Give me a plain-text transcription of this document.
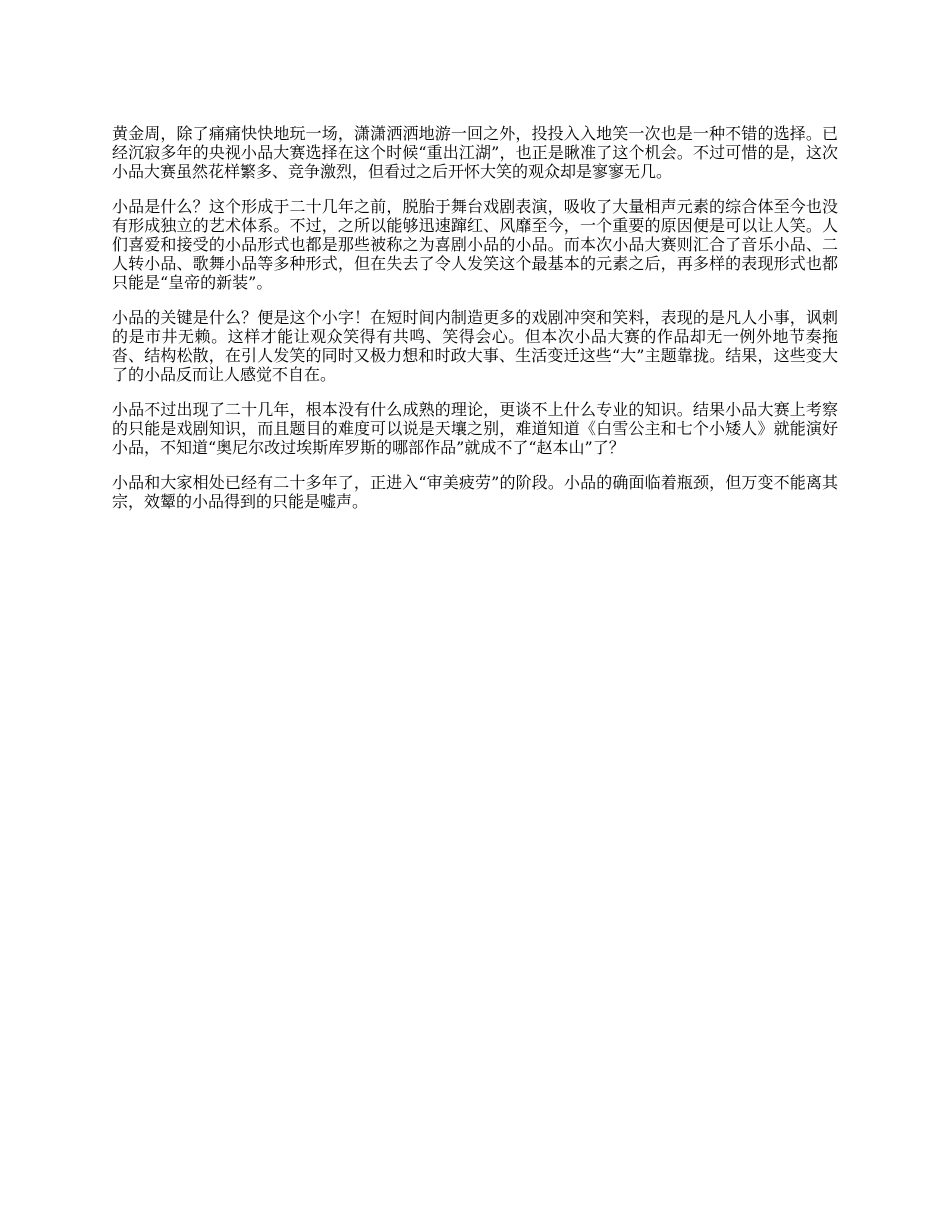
黄金周，除了痛痛快快地玩一场，潇潇洒洒地游一回之外，投投入入地笑一次也是一种不错的选择。已经沉寂多年的央视小品大赛选择在这个时候“重出江湖”，也正是瞅准了这个机会。不过可惜的是，这次小品大赛虽然花样繁多、竞争激烈，但看过之后开怀大笑的观众却是寥寥无几。

小品是什么？这个形成于二十几年之前，脱胎于舞台戏剧表演，吸收了大量相声元素的综合体至今也没有形成独立的艺术体系。不过，之所以能够迅速蹿红、风靡至今，一个重要的原因便是可以让人笑。人们喜爱和接受的小品形式也都是那些被称之为喜剧小品的小品。而本次小品大赛则汇合了音乐小品、二人转小品、歌舞小品等多种形式，但在失去了令人发笑这个最基本的元素之后，再多样的表现形式也都只能是“皇帝的新装”。

小品的关键是什么？便是这个小字！在短时间内制造更多的戏剧冲突和笑料，表现的是凡人小事，讽刺的是市井无赖。这样才能让观众笑得有共鸣、笑得会心。但本次小品大赛的作品却无一例外地节奏拖沓、结构松散，在引人发笑的同时又极力想和时政大事、生活变迁这些“大”主题靠拢。结果，这些变大了的小品反而让人感觉不自在。

小品不过出现了二十几年，根本没有什么成熟的理论，更谈不上什么专业的知识。结果小品大赛上考察的只能是戏剧知识，而且题目的难度可以说是天壤之别，难道知道《白雪公主和七个小矮人》就能演好小品，不知道“奥尼尔改过埃斯库罗斯的哪部作品”就成不了“赵本山”了？

小品和大家相处已经有二十多年了，正进入“审美疲劳”的阶段。小品的确面临着瓶颈，但万变不能离其宗，效颦的小品得到的只能是嘘声。
